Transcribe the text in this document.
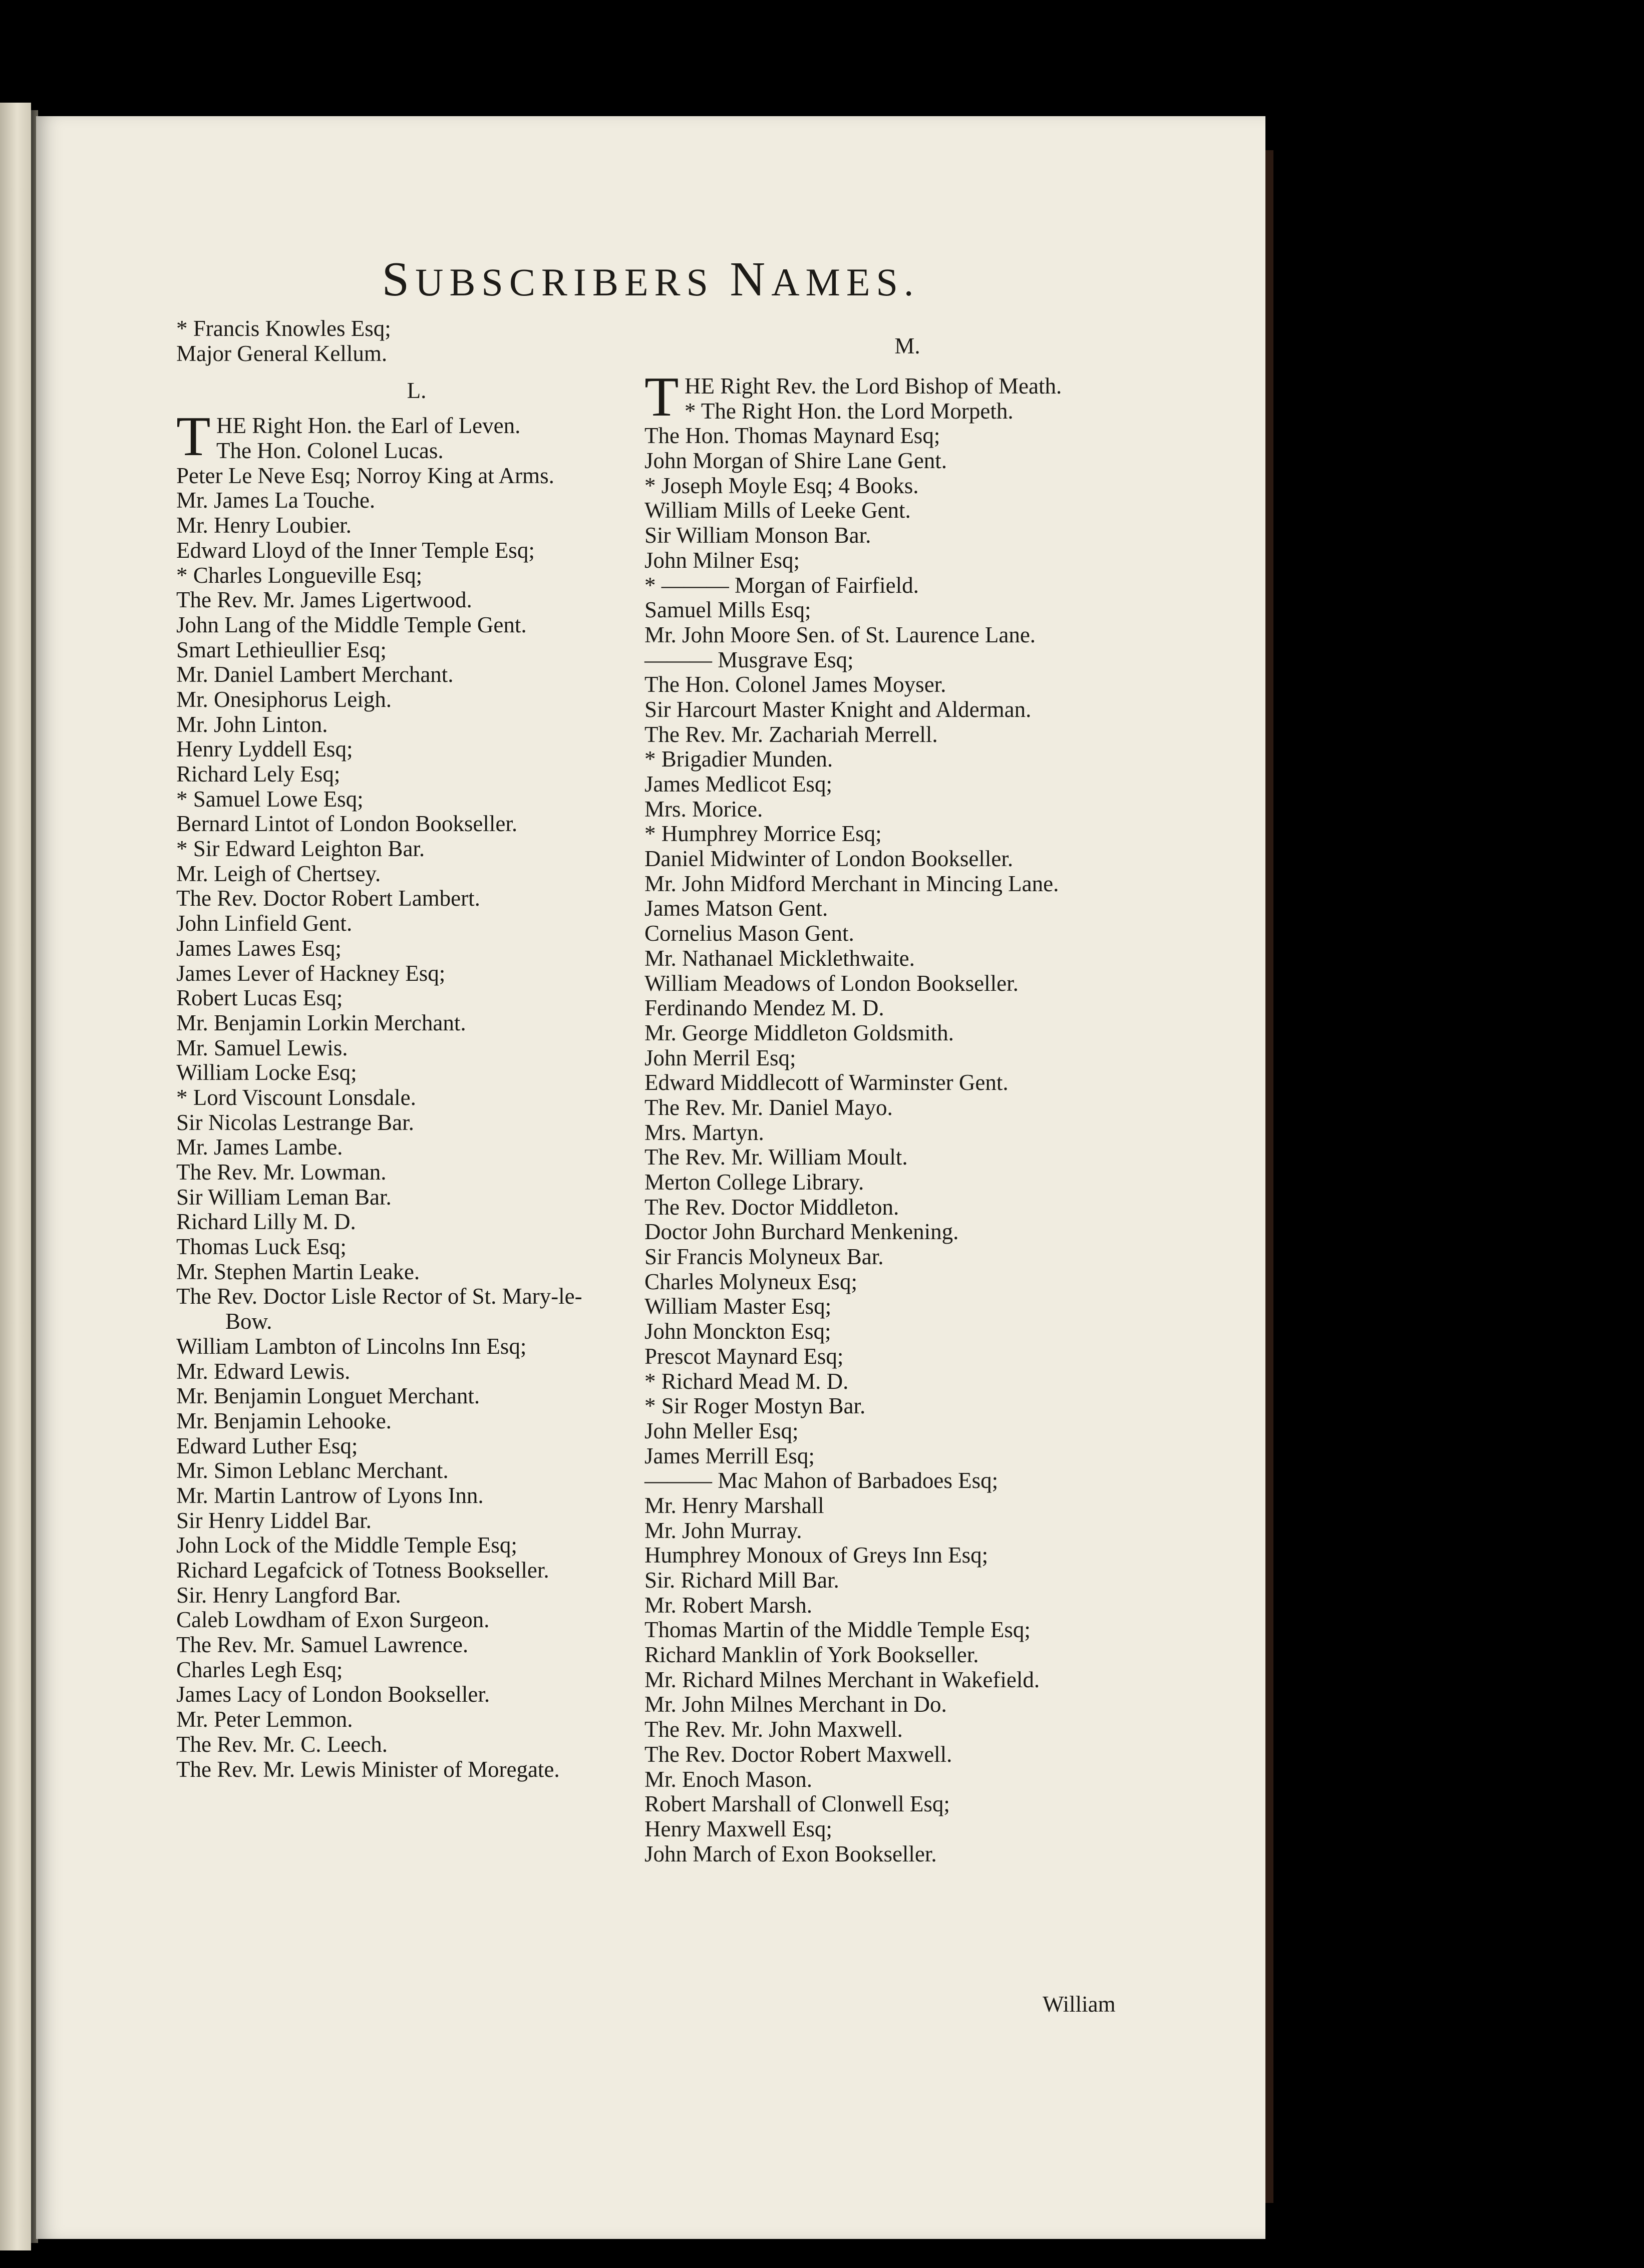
SUBSCRIBERS NAMES.
* Francis Knowles Esq;
Major General Kellum.
L.
T HE Right Hon. the Earl of Leven.
The Hon. Colonel Lucas.
Peter Le Neve Esq; Norroy King at Arms.
Mr. James La Touche.
Mr. Henry Loubier.
Edward Lloyd of the Inner Temple Esq;
* Charles Longueville Esq;
The Rev. Mr. James Ligertwood.
John Lang of the Middle Temple Gent.
Smart Lethieullier Esq;
Mr. Daniel Lambert Merchant.
Mr. Onesiphorus Leigh.
Mr. John Linton.
Henry Lyddell Esq;
Richard Lely Esq;
* Samuel Lowe Esq;
Bernard Lintot of London Bookseller.
* Sir Edward Leighton Bar.
Mr. Leigh of Chertsey.
The Rev. Doctor Robert Lambert.
John Linfield Gent.
James Lawes Esq;
James Lever of Hackney Esq;
Robert Lucas Esq;
Mr. Benjamin Lorkin Merchant.
Mr. Samuel Lewis.
William Locke Esq;
* Lord Viscount Lonsdale.
Sir Nicolas Lestrange Bar.
Mr. James Lambe.
The Rev. Mr. Lowman.
Sir William Leman Bar.
Richard Lilly M. D.
Thomas Luck Esq;
Mr. Stephen Martin Leake.
The Rev. Doctor Lisle Rector of St. Mary-le-
Bow.
William Lambton of Lincolns Inn Esq;
Mr. Edward Lewis.
Mr. Benjamin Longuet Merchant.
Mr. Benjamin Lehooke.
Edward Luther Esq;
Mr. Simon Leblanc Merchant.
Mr. Martin Lantrow of Lyons Inn.
Sir Henry Liddel Bar.
John Lock of the Middle Temple Esq;
Richard Legafcick of Totness Bookseller.
Sir. Henry Langford Bar.
Caleb Lowdham of Exon Surgeon.
The Rev. Mr. Samuel Lawrence.
Charles Legh Esq;
James Lacy of London Bookseller.
Mr. Peter Lemmon.
The Rev. Mr. C. Leech.
The Rev. Mr. Lewis Minister of Moregate.
M.
T HE Right Rev. the Lord Bishop of Meath.
* The Right Hon. the Lord Morpeth.
The Hon. Thomas Maynard Esq;
John Morgan of Shire Lane Gent.
* Joseph Moyle Esq; 4 Books.
William Mills of Leeke Gent.
Sir William Monson Bar.
John Milner Esq;
* ——— Morgan of Fairfield.
Samuel Mills Esq;
Mr. John Moore Sen. of St. Laurence Lane.
——— Musgrave Esq;
The Hon. Colonel James Moyser.
Sir Harcourt Master Knight and Alderman.
The Rev. Mr. Zachariah Merrell.
* Brigadier Munden.
James Medlicot Esq;
Mrs. Morice.
* Humphrey Morrice Esq;
Daniel Midwinter of London Bookseller.
Mr. John Midford Merchant in Mincing Lane.
James Matson Gent.
Cornelius Mason Gent.
Mr. Nathanael Micklethwaite.
William Meadows of London Bookseller.
Ferdinando Mendez M. D.
Mr. George Middleton Goldsmith.
John Merril Esq;
Edward Middlecott of Warminster Gent.
The Rev. Mr. Daniel Mayo.
Mrs. Martyn.
The Rev. Mr. William Moult.
Merton College Library.
The Rev. Doctor Middleton.
Doctor John Burchard Menkening.
Sir Francis Molyneux Bar.
Charles Molyneux Esq;
William Master Esq;
John Monckton Esq;
Prescot Maynard Esq;
* Richard Mead M. D.
* Sir Roger Mostyn Bar.
John Meller Esq;
James Merrill Esq;
——— Mac Mahon of Barbadoes Esq;
Mr. Henry Marshall
Mr. John Murray.
Humphrey Monoux of Greys Inn Esq;
Sir. Richard Mill Bar.
Mr. Robert Marsh.
Thomas Martin of the Middle Temple Esq;
Richard Manklin of York Bookseller.
Mr. Richard Milnes Merchant in Wakefield.
Mr. John Milnes Merchant in Do.
The Rev. Mr. John Maxwell.
The Rev. Doctor Robert Maxwell.
Mr. Enoch Mason.
Robert Marshall of Clonwell Esq;
Henry Maxwell Esq;
John March of Exon Bookseller.
William
